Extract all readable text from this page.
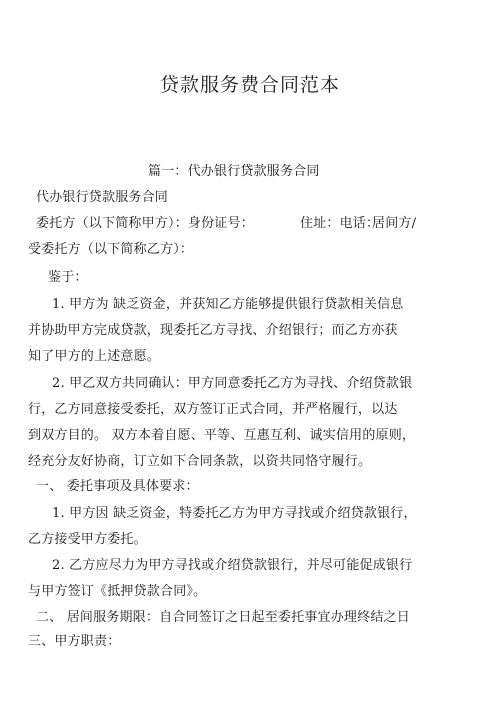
贷款服务费合同范本
篇一：代办银行贷款服务合同
代办银行贷款服务合同
委托方（以下简称甲方）：身份证号：	住址：电话：
居间方/
受委托方（以下简称乙方）：
鉴于：
1. 甲方为 缺乏资金，并获知乙方能够提供银行贷款相关信息
并协助甲方完成贷款，现委托乙方寻找、介绍银行；而乙方亦获
知了甲方的上述意愿。
2. 甲乙双方共同确认：甲方同意委托乙方为寻找、介绍贷款银
行，乙方同意接受委托，双方签订正式合同，并严格履行，以达
到双方目的。 双方本着自愿、平等、互惠互利、诚实信用的原则，
经充分友好协商，订立如下合同条款，以资共同恪守履行。
一、 委托事项及具体要求：
1. 甲方因 缺乏资金，特委托乙方为甲方寻找或介绍贷款银行，
乙方接受甲方委托。
2. 乙方应尽力为甲方寻找或介绍贷款银行，并尽可能促成银行
与甲方签订《抵押贷款合同》。
二、 居间服务期限：自合同签订之日起至委托事宜办理终结之日
三、甲方职责：
